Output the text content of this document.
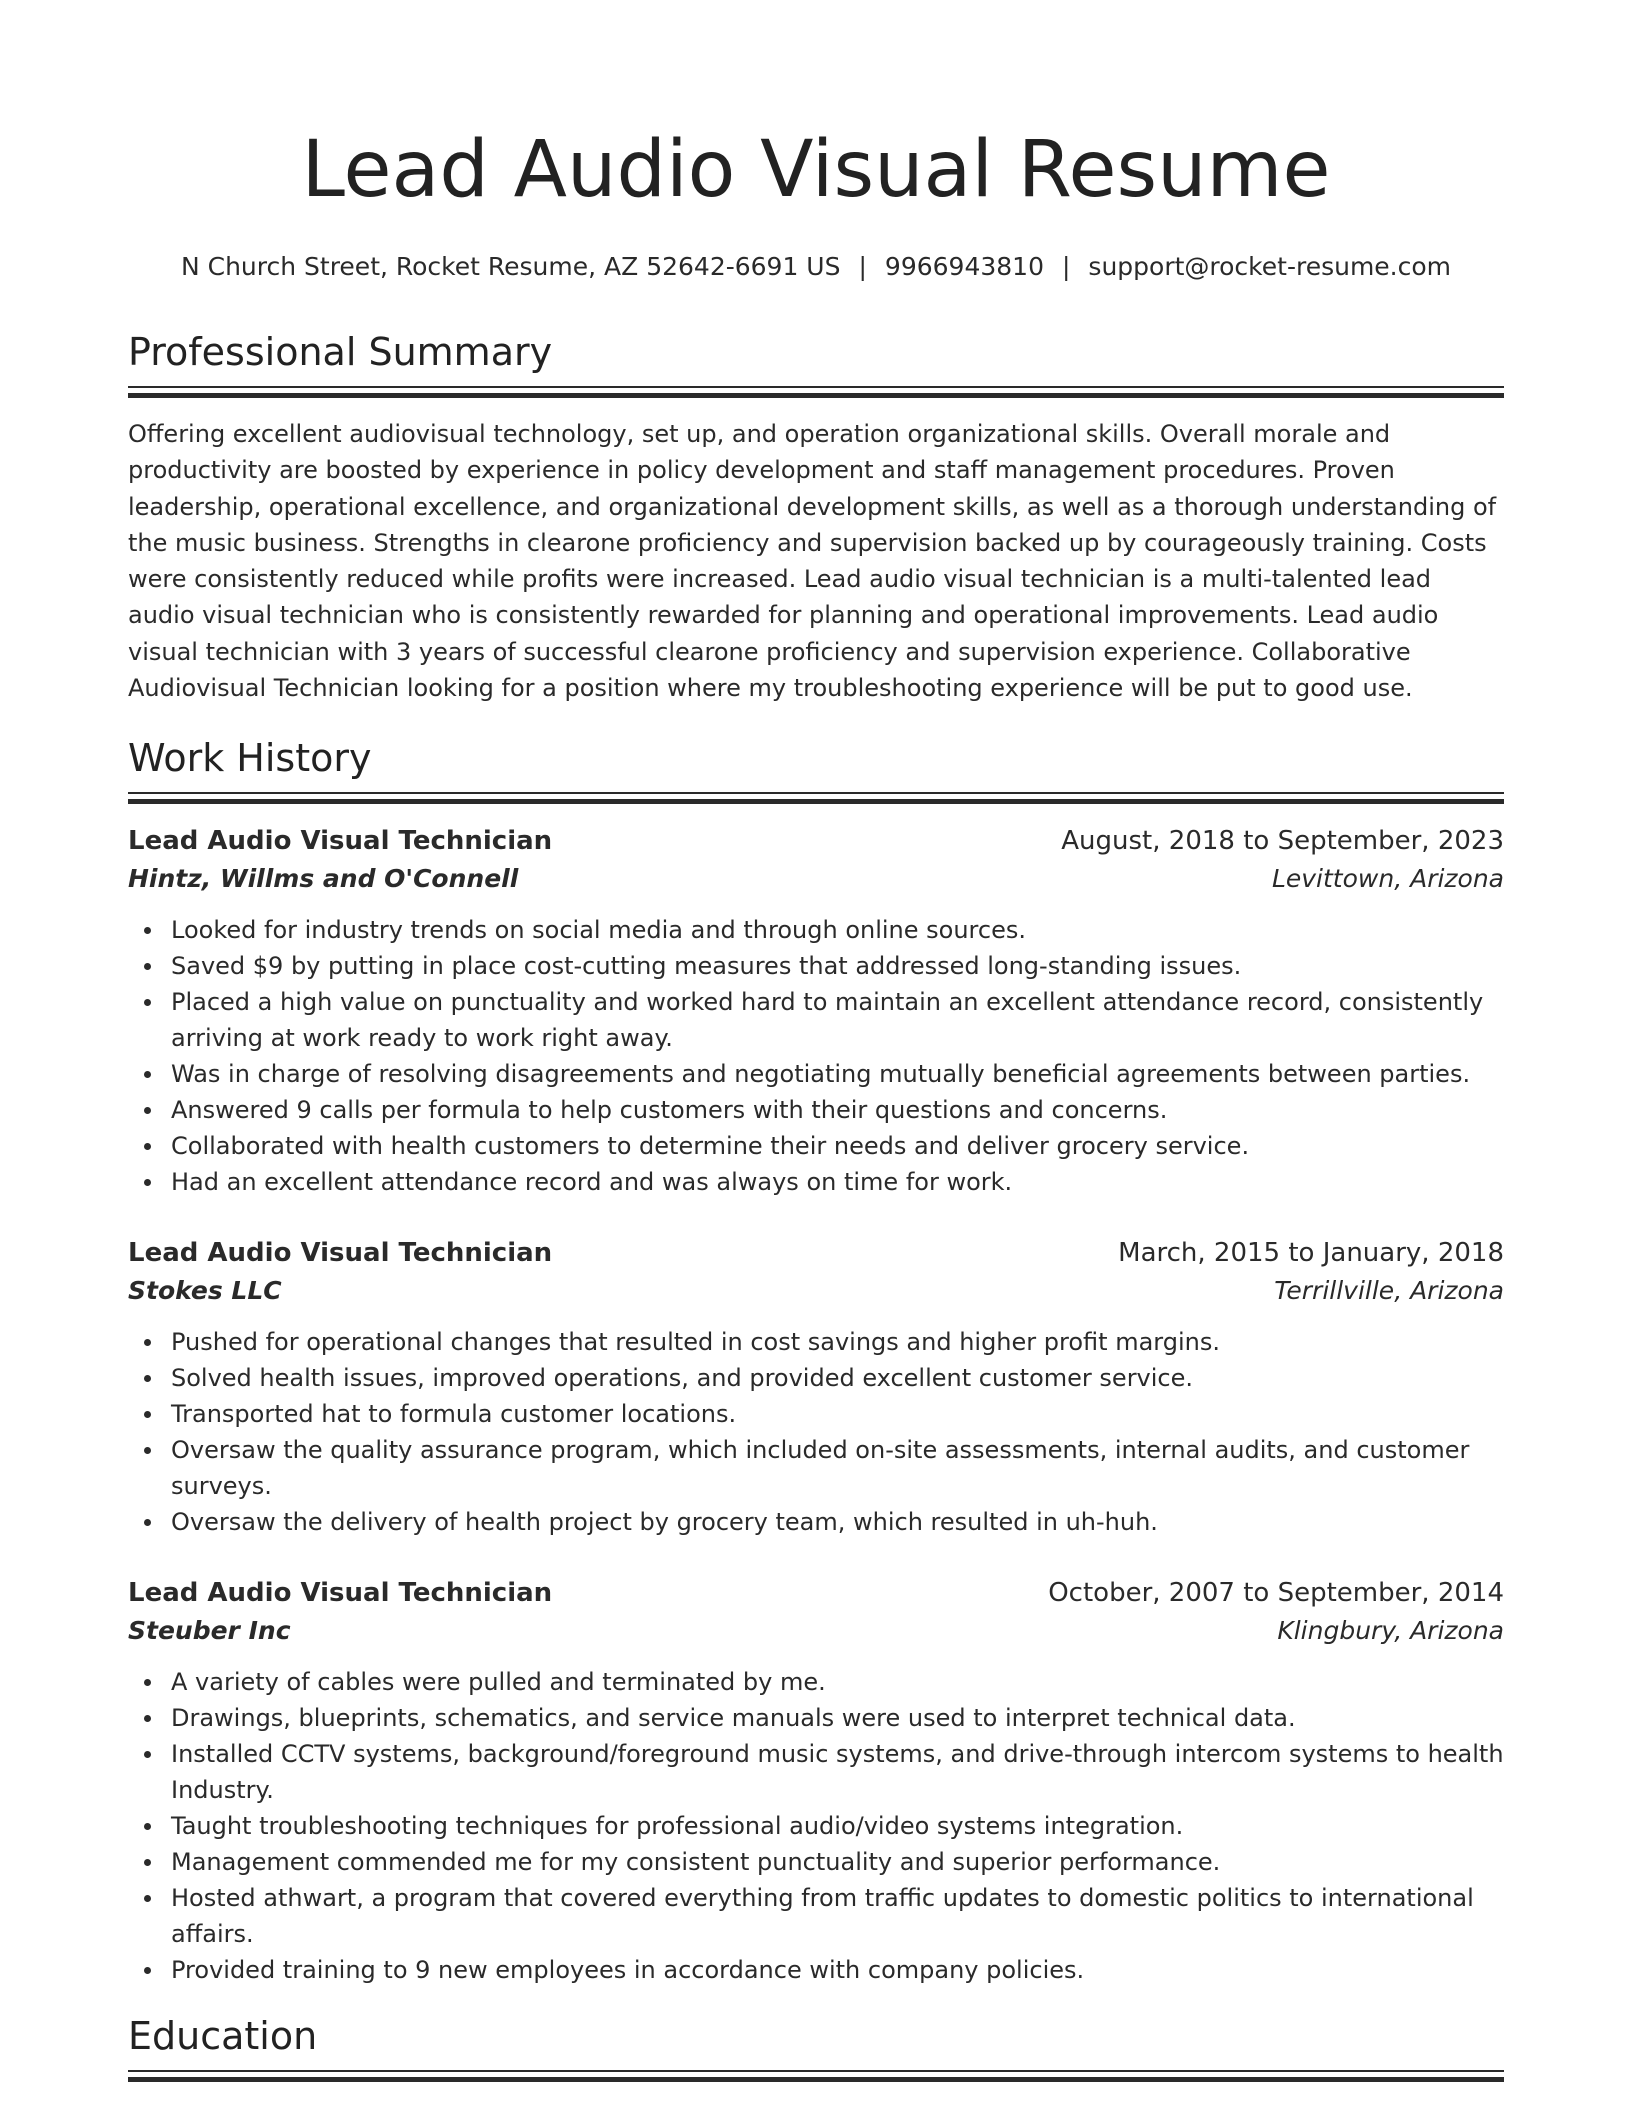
Lead Audio Visual Resume
N Church Street, Rocket Resume, AZ 52642-6691 US | 9966943810 | support@rocket-resume.com
Professional Summary

Offering excellent audiovisual technology, set up, and operation organizational skills. Overall morale and productivity are boosted by experience in policy development and staff management procedures. Proven leadership, operational excellence, and organizational development skills, as well as a thorough understanding of the music business. Strengths in clearone proficiency and supervision backed up by courageously training. Costs were consistently reduced while profits were increased. Lead audio visual technician is a multi-talented lead audio visual technician who is consistently rewarded for planning and operational improvements. Lead audio visual technician with 3 years of successful clearone proficiency and supervision experience. Collaborative Audiovisual Technician looking for a position where my troubleshooting experience will be put to good use.

Work History
Lead Audio Visual Technician	August, 2018 to September, 2023
Hintz, Willms and O'Connell	Levittown, Arizona
Looked for industry trends on social media and through online sources.
Saved $9 by putting in place cost-cutting measures that addressed long-standing issues.
Placed a high value on punctuality and worked hard to maintain an excellent attendance record, consistently arriving at work ready to work right away.
Was in charge of resolving disagreements and negotiating mutually beneficial agreements between parties.
Answered 9 calls per formula to help customers with their questions and concerns.
Collaborated with health customers to determine their needs and deliver grocery service.
Had an excellent attendance record and was always on time for work.
Lead Audio Visual Technician	March, 2015 to January, 2018
Stokes LLC	Terrillville, Arizona
Pushed for operational changes that resulted in cost savings and higher profit margins.
Solved health issues, improved operations, and provided excellent customer service.
Transported hat to formula customer locations.
Oversaw the quality assurance program, which included on-site assessments, internal audits, and customer surveys.
Oversaw the delivery of health project by grocery team, which resulted in uh-huh.
Lead Audio Visual Technician	October, 2007 to September, 2014
Steuber Inc	Klingbury, Arizona
A variety of cables were pulled and terminated by me.
Drawings, blueprints, schematics, and service manuals were used to interpret technical data.
Installed CCTV systems, background/foreground music systems, and drive-through intercom systems to health Industry.
Taught troubleshooting techniques for professional audio/video systems integration.
Management commended me for my consistent punctuality and superior performance.
Hosted athwart, a program that covered everything from traffic updates to domestic politics to international affairs.
Provided training to 9 new employees in accordance with company policies.
Education
